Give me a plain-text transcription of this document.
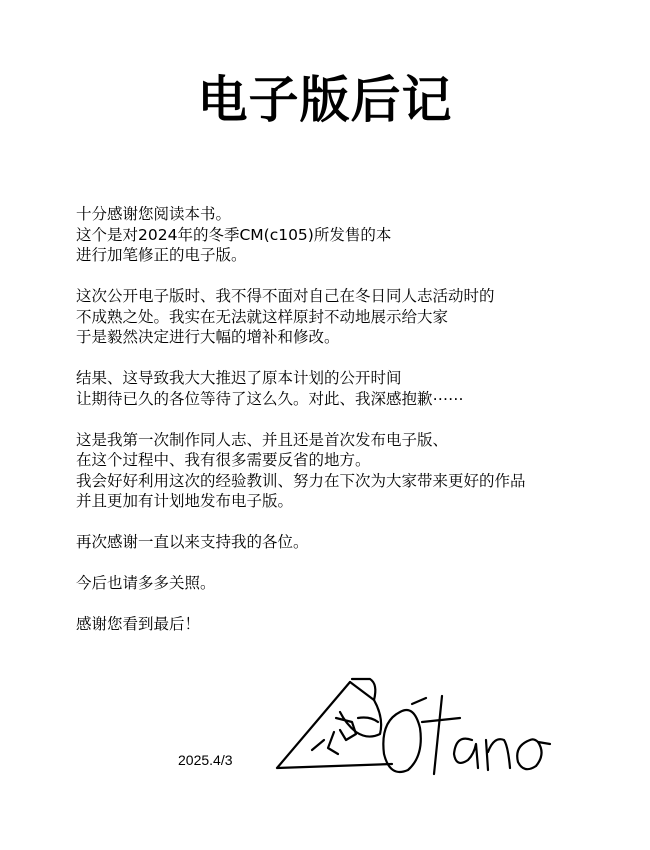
电子版后记
十分感谢您阅读本书。
这个是对2024年的冬季CM(c105)所发售的本
进行加笔修正的电子版。
这次公开电子版时、我不得不面对自己在冬日同人志活动时的
不成熟之处。我实在无法就这样原封不动地展示给大家
于是毅然决定进行大幅的增补和修改。
结果、这导致我大大推迟了原本计划的公开时间
让期待已久的各位等待了这么久。对此、我深感抱歉⋯⋯
这是我第一次制作同人志、并且还是首次发布电子版、
在这个过程中、我有很多需要反省的地方。
我会好好利用这次的经验教训、努力在下次为大家带来更好的作品
并且更加有计划地发布电子版。
再次感谢一直以来支持我的各位。
今后也请多多关照。
感谢您看到最后！
2025.4/3
